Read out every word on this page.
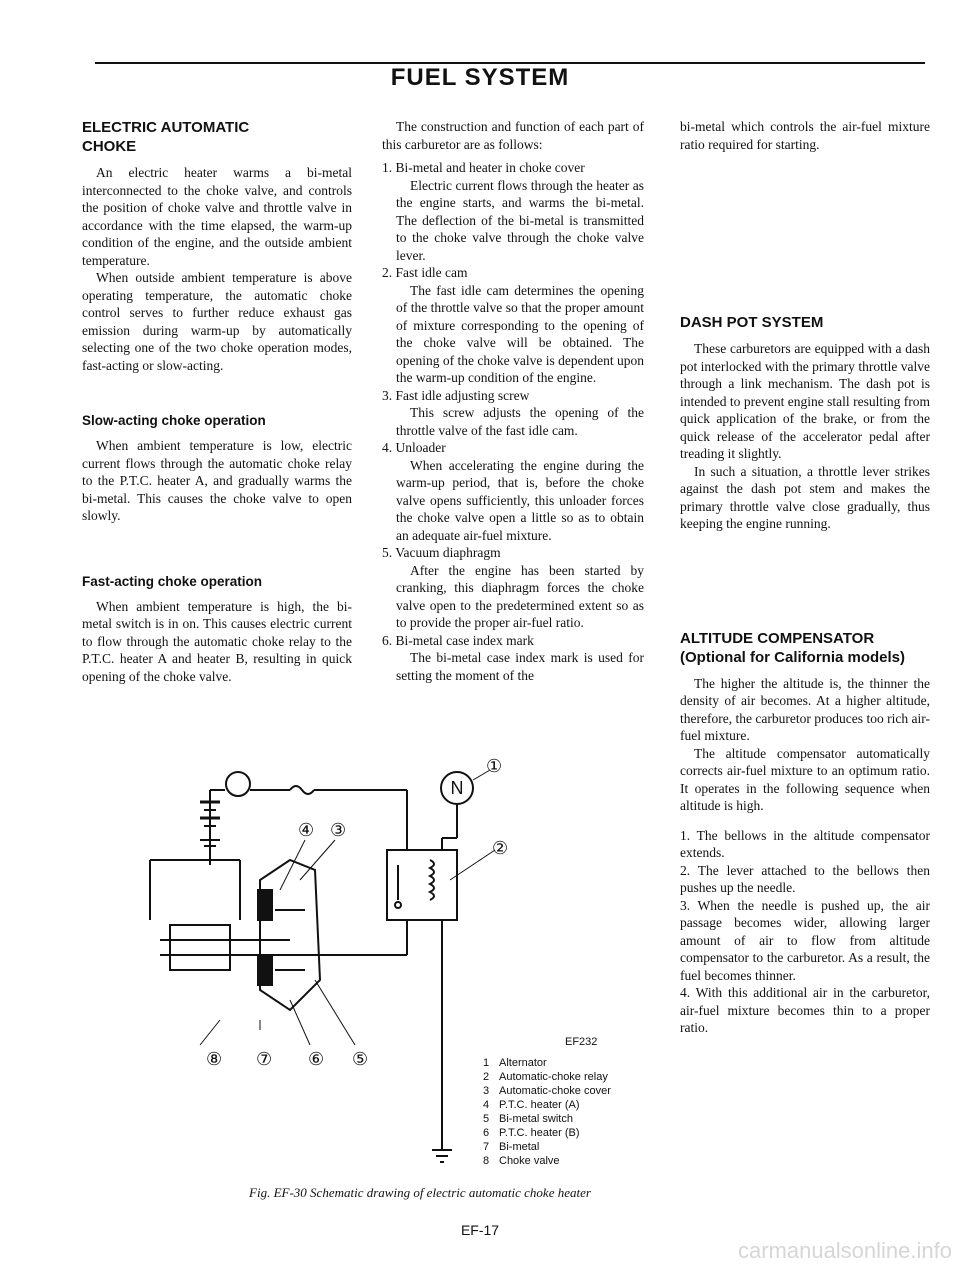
FUEL SYSTEM
ELECTRIC AUTOMATIC CHOKE

An electric heater warms a bi-metal interconnected to the choke valve, and controls the position of choke valve and throttle valve in accordance with the time elapsed, the warm-up condition of the engine, and the outside ambient temperature.

When outside ambient temperature is above operating temperature, the automatic choke control serves to further reduce exhaust gas emission during warm-up by automatically selecting one of the two choke operation modes, fast-acting or slow-acting.

Slow-acting choke operation

When ambient temperature is low, electric current flows through the automatic choke relay to the P.T.C. heater A, and gradually warms the bi-metal. This causes the choke valve to open slowly.

Fast-acting choke operation

When ambient temperature is high, the bi-metal switch is in on. This causes electric current to flow through the automatic choke relay to the P.T.C. heater A and heater B, resulting in quick opening of the choke valve.

The construction and function of each part of this carburetor are as follows:

1. Bi-metal and heater in choke cover

Electric current flows through the heater as the engine starts, and warms the bi-metal. The deflection of the bi-metal is transmitted to the choke valve through the choke valve lever.

2. Fast idle cam

The fast idle cam determines the opening of the throttle valve so that the proper amount of mixture corresponding to the opening of the choke valve will be obtained. The opening of the choke valve is dependent upon the warm-up condition of the engine.

3. Fast idle adjusting screw

This screw adjusts the opening of the throttle valve of the fast idle cam.

4. Unloader

When accelerating the engine during the warm-up period, that is, before the choke valve opens sufficiently, this unloader forces the choke valve open a little so as to obtain an adequate air-fuel mixture.

5. Vacuum diaphragm

After the engine has been started by cranking, this diaphragm forces the choke valve open to the predetermined extent so as to provide the proper air-fuel ratio.

6. Bi-metal case index mark

The bi-metal case index mark is used for setting the moment of the

bi-metal which controls the air-fuel mixture ratio required for starting.

DASH POT SYSTEM

These carburetors are equipped with a dash pot interlocked with the primary throttle valve through a link mechanism. The dash pot is intended to prevent engine stall resulting from quick application of the brake, or from the quick release of the accelerator pedal after treading it slightly.

In such a situation, a throttle lever strikes against the dash pot stem and makes the primary throttle valve close gradually, thus keeping the engine running.

ALTITUDE COMPENSATOR (Optional for California models)

The higher the altitude is, the thinner the density of air becomes. At a higher altitude, therefore, the carburetor produces too rich air-fuel mixture.

The altitude compensator automatically corrects air-fuel mixture to an optimum ratio. It operates in the following sequence when altitude is high.

1. The bellows in the altitude compensator extends.

2. The lever attached to the bellows then pushes up the needle.

3. When the needle is pushed up, the air passage becomes wider, allowing larger amount of air to flow from altitude compensator to the carburetor. As a result, the fuel becomes thinner.

4. With this additional air in the carburetor, air-fuel mixture becomes thin to a proper ratio.

N
①
②
④ ③
⑧ ⑦ ⑥ ⑤
EF232
1 Alternator
2 Automatic-choke relay
3 Automatic-choke cover
4 P.T.C. heater (A)
5 Bi-metal switch
6 P.T.C. heater (B)
7 Bi-metal
8 Choke valve
Fig. EF-30 Schematic drawing of electric automatic choke heater
EF-17
carmanualsonline.info
